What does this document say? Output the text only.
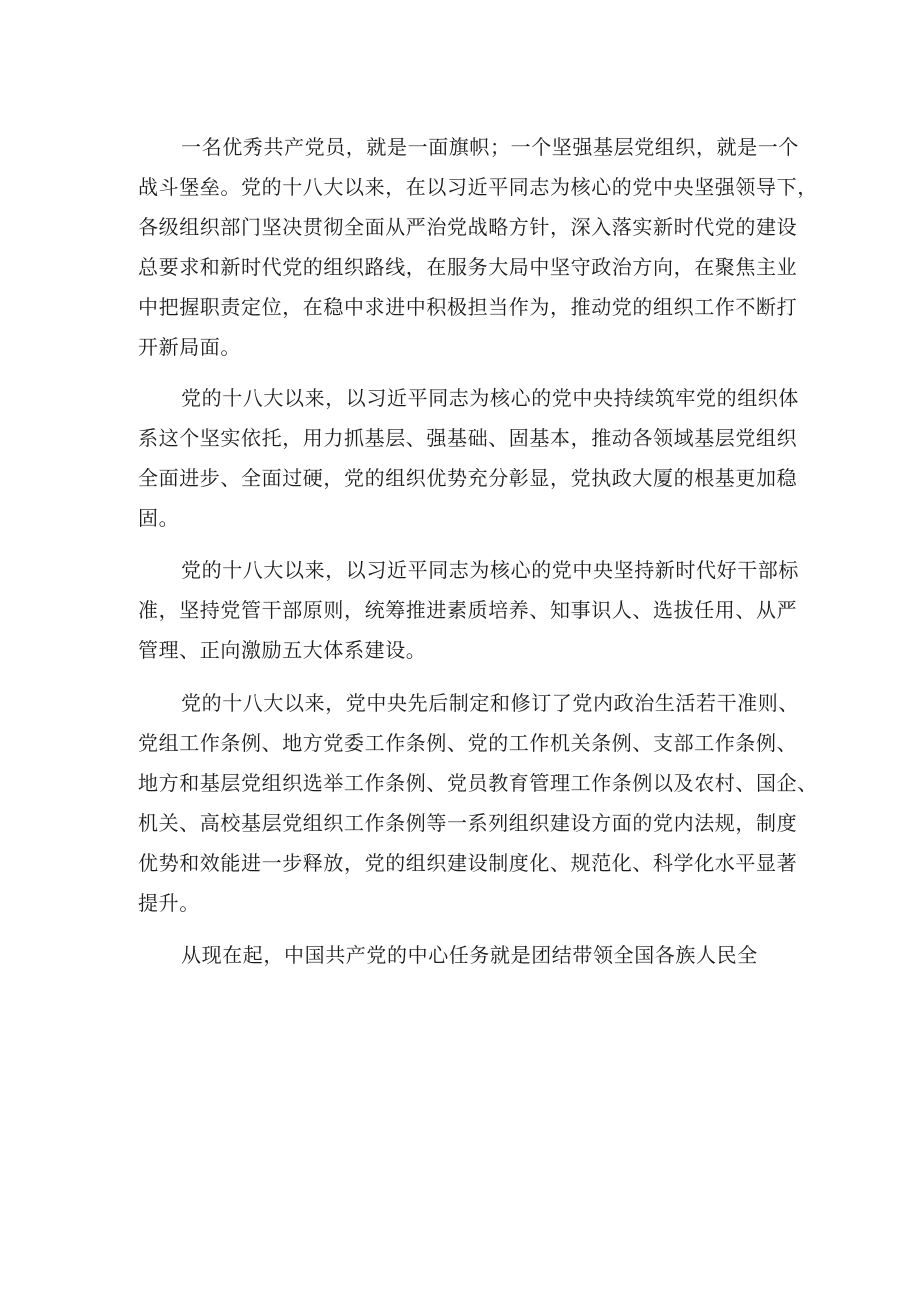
一名优秀共产党员，就是一面旗帜；一个坚强基层党组织，就是一个
战斗堡垒。党的十八大以来，在以习近平同志为核心的党中央坚强领导下，
各级组织部门坚决贯彻全面从严治党战略方针，深入落实新时代党的建设
总要求和新时代党的组织路线，在服务大局中坚守政治方向，在聚焦主业
中把握职责定位，在稳中求进中积极担当作为，推动党的组织工作不断打
开新局面。
党的十八大以来，以习近平同志为核心的党中央持续筑牢党的组织体
系这个坚实依托，用力抓基层、强基础、固基本，推动各领域基层党组织
全面进步、全面过硬，党的组织优势充分彰显，党执政大厦的根基更加稳
固。
党的十八大以来，以习近平同志为核心的党中央坚持新时代好干部标
准，坚持党管干部原则，统筹推进素质培养、知事识人、选拔任用、从严
管理、正向激励五大体系建设。
党的十八大以来，党中央先后制定和修订了党内政治生活若干准则、
党组工作条例、地方党委工作条例、党的工作机关条例、支部工作条例、
地方和基层党组织选举工作条例、党员教育管理工作条例以及农村、国企、
机关、高校基层党组织工作条例等一系列组织建设方面的党内法规，制度
优势和效能进一步释放，党的组织建设制度化、规范化、科学化水平显著
提升。
从现在起，中国共产党的中心任务就是团结带领全国各族人民全
